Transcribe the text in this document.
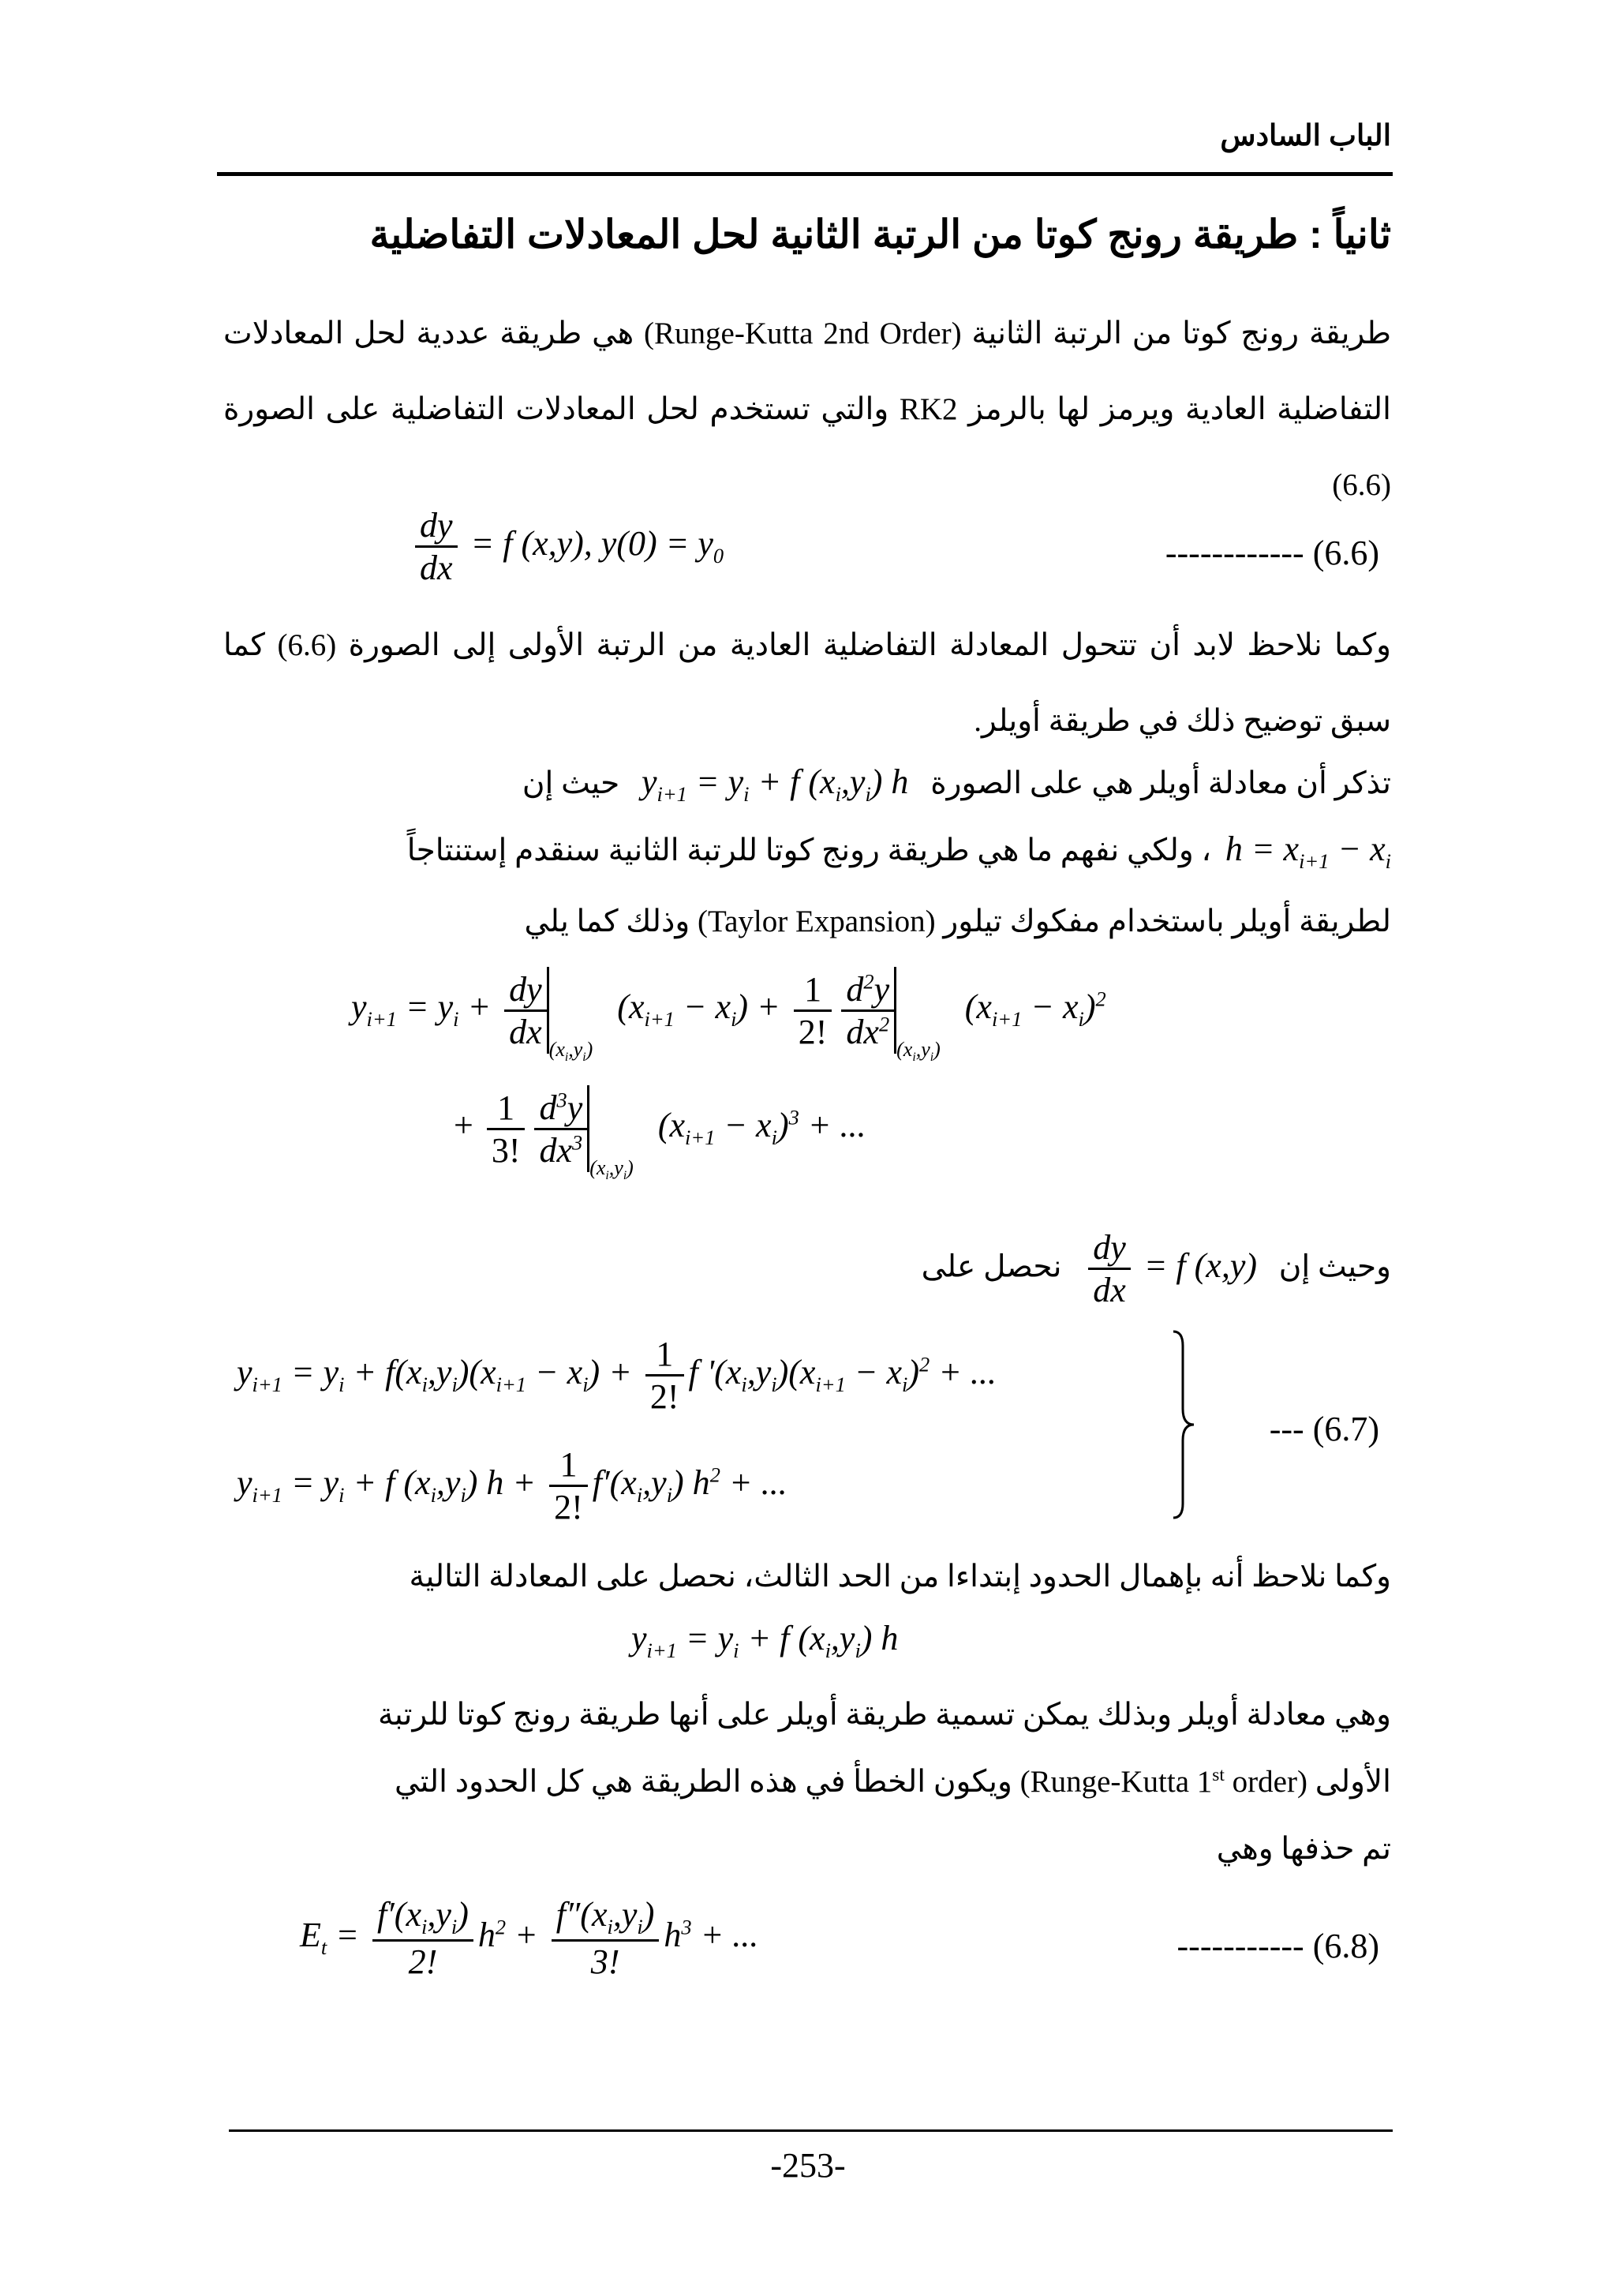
الباب السادس
ثانياً : طريقة رونج كوتا من الرتبة الثانية لحل المعادلات التفاضلية
طريقة رونج كوتا من الرتبة الثانية (Runge-Kutta 2nd Order) هي طريقة عددية لحل المعادلات التفاضلية العادية ويرمز لها بالرمز RK2 والتي تستخدم لحل المعادلات التفاضلية على الصورة (6.6)
$\frac{dy}{dx} = f$ (x,y), $y(0) = y_0$	------------ (6.6)
وكما نلاحظ لابد أن تتحول المعادلة التفاضلية العادية من الرتبة الأولى إلى الصورة (6.6) كما سبق توضيح ذلك في طريقة أويلر.
تذكر أن معادلة أويلر هي على الصورة $y_{i+1} = y_i + f$ $(x_i,y_i)$ h حيث إن
$h = x_{i+1} - x_i$ ، ولكي نفهم ما هي طريقة رونج كوتا للرتبة الثانية سنقدم إستنتاجاً
لطريقة أويلر باستخدام مفكوك تيلور (Taylor Expansion) وذلك كما يلي
$y_{i+1} = y_i + \frac{dy}{dx} _{(x_i,y_i)}$ $(x_{i+1} - x_i) + \frac{1}{2!} \frac{d^2y}{dx^2} _{(x_i,y_i)}$ $(x_{i+1} - x_i)^2$
+ $\frac{1}{3!} \frac{d^3y}{dx^3} _{(x_i,y_i)}$ $(x_{i+1} - x_i)^3$ + ...
وحيث إن
$\frac{dy}{dx} = f$ (x,y) نحصل على
$y_{i+1} = y_i + f(x_i,y_i)(x_{i+1} - x_i) + \frac{1}{2!}$ f '$(x_i,y_i)(x_{i+1} - x_i)^2$ + ...
$y_{i+1} = y_i + f$ $(x_i,y_i) h + \frac{1}{2!} f'(x_i,y_i) h^2$ + ...
--- (6.7)
وكما نلاحظ أنه بإهمال الحدود إبتداءا من الحد الثالث، نحصل على المعادلة التالية
$y_{i+1} = y_i + f$ $(x_i,y_i)$ h
وهي معادلة أويلر وبذلك يمكن تسمية طريقة أويلر على أنها طريقة رونج كوتا للرتبة
الأولى (Runge-Kutta 1st order) ويكون الخطأ في هذه الطريقة هي كل الحدود التي
تم حذفها وهي
$E_t = \frac{f'(x_i,y_i)}{2!} h^2 + \frac{f''(x_i,y_i)}{3!} h^3$ + ...	----------- (6.8)
-253-
